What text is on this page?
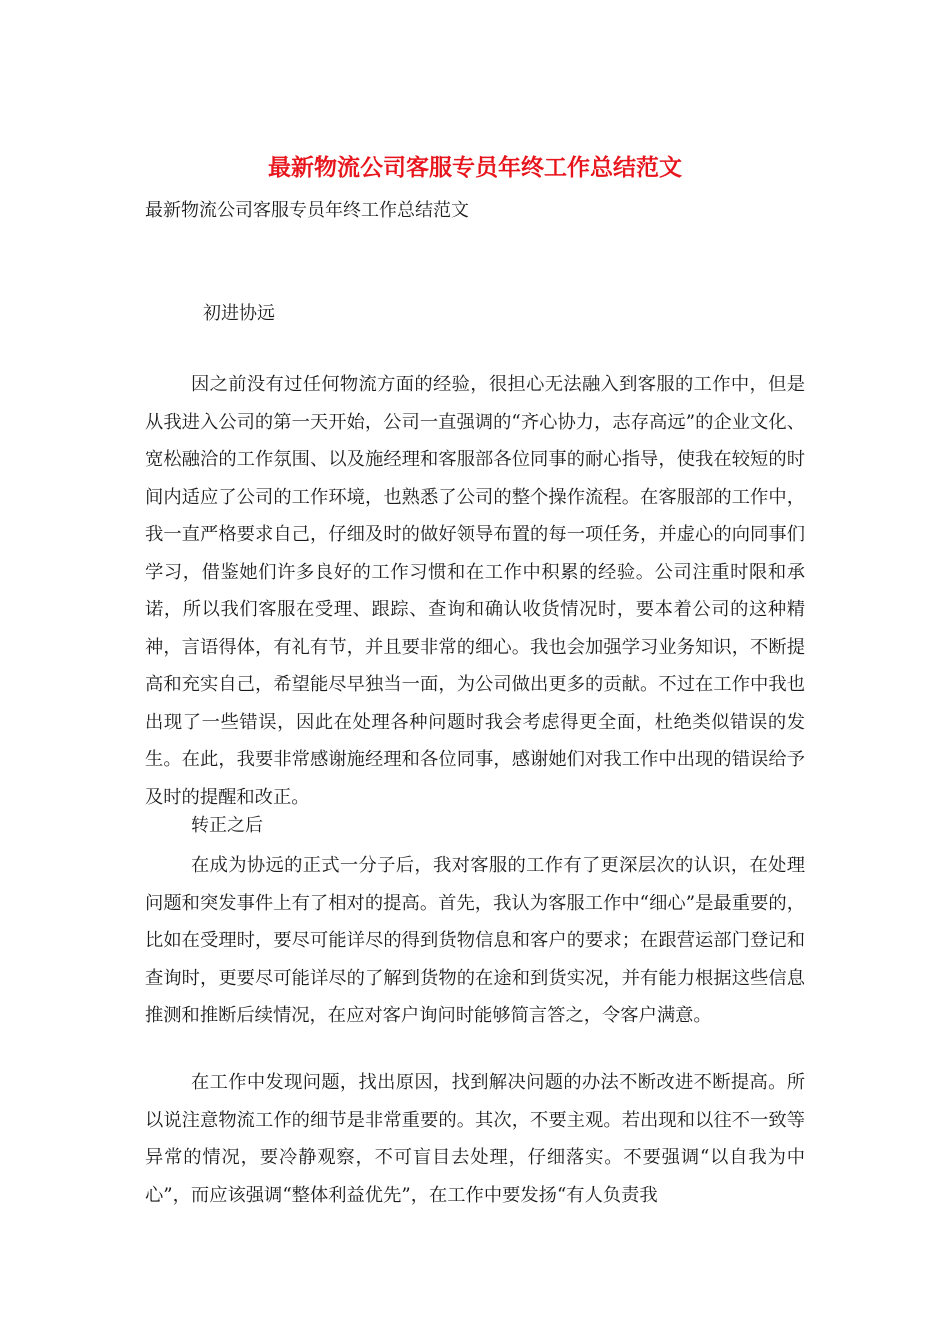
最新物流公司客服专员年终工作总结范文

最新物流公司客服专员年终工作总结范文

初进协远

因之前没有过任何物流方面的经验，很担心无法融入到客服的工作中，但是从我进入公司的第一天开始，公司一直强调的“齐心协力，志存高远”的企业文化、宽松融洽的工作氛围、以及施经理和客服部各位同事的耐心指导，使我在较短的时间内适应了公司的工作环境，也熟悉了公司的整个操作流程。在客服部的工作中，我一直严格要求自己，仔细及时的做好领导布置的每一项任务，并虚心的向同事们学习，借鉴她们许多良好的工作习惯和在工作中积累的经验。公司注重时限和承诺，所以我们客服在受理、跟踪、查询和确认收货情况时，要本着公司的这种精神，言语得体，有礼有节，并且要非常的细心。我也会加强学习业务知识，不断提高和充实自己，希望能尽早独当一面，为公司做出更多的贡献。不过在工作中我也出现了一些错误，因此在处理各种问题时我会考虑得更全面，杜绝类似错误的发生。在此，我要非常感谢施经理和各位同事，感谢她们对我工作中出现的错误给予及时的提醒和改正。

转正之后

在成为协远的正式一分子后，我对客服的工作有了更深层次的认识，在处理问题和突发事件上有了相对的提高。首先，我认为客服工作中“细心”是最重要的，比如在受理时，要尽可能详尽的得到货物信息和客户的要求；在跟营运部门登记和查询时，更要尽可能详尽的了解到货物的在途和到货实况，并有能力根据这些信息推测和推断后续情况，在应对客户询问时能够简言答之，令客户满意。

在工作中发现问题，找出原因，找到解决问题的办法不断改进不断提高。所以说注意物流工作的细节是非常重要的。其次，不要主观。若出现和以往不一致等异常的情况，要冷静观察，不可盲目去处理，仔细落实。不要强调“以自我为中心”，而应该强调“整体利益优先”，在工作中要发扬“有人负责我
